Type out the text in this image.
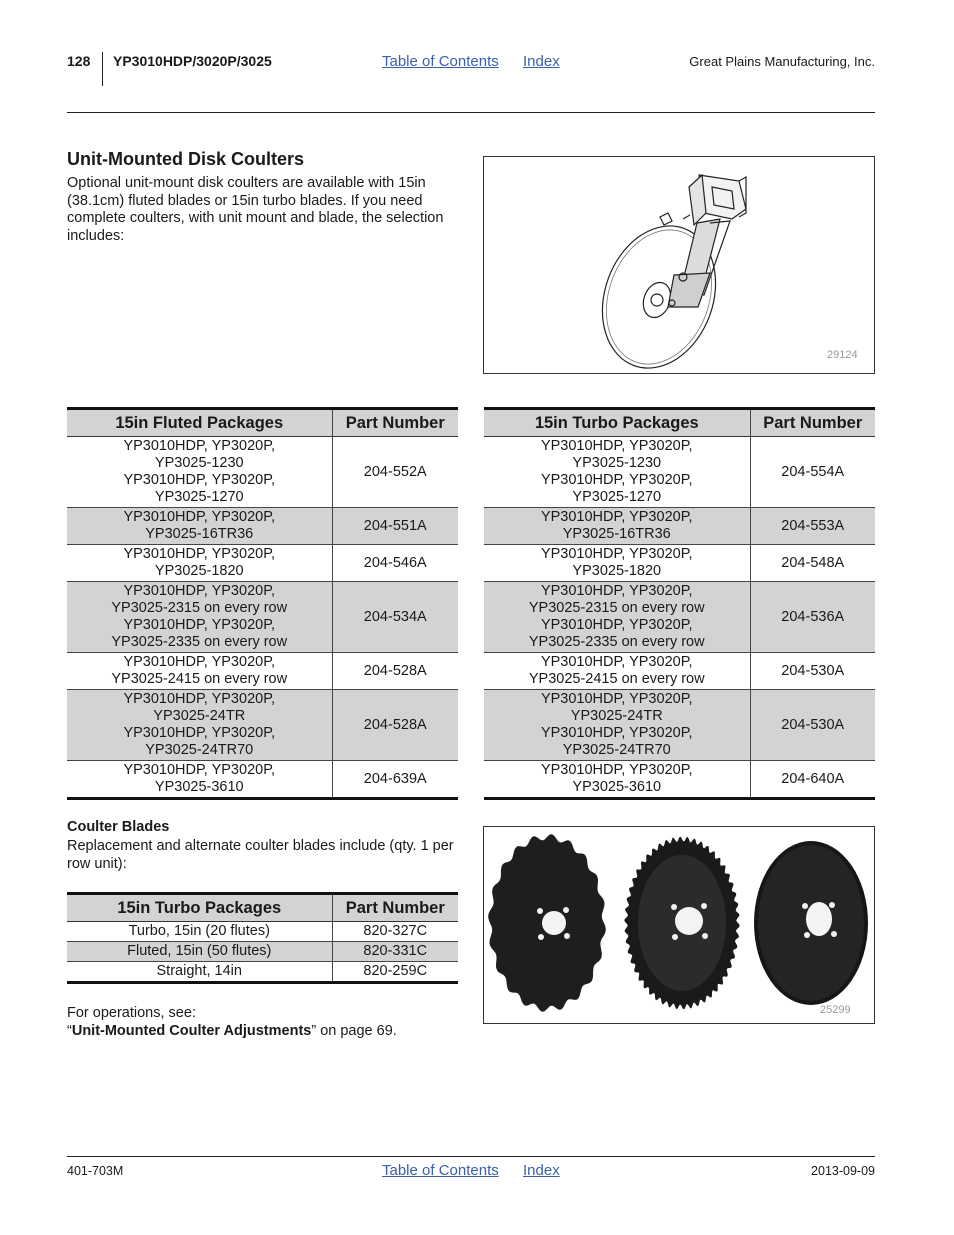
128 YP3010HDP/3020P/3025	Table of Contents Index	Great Plains Manufacturing, Inc.
Unit-Mounted Disk Coulters
Optional unit-mount disk coulters are available with 15in (38.1cm) fluted blades or 15in turbo blades. If you need complete coulters, with unit mount and blade, the selection includes:
29124
15in Fluted Packages	Part Number
YP3010HDP, YP3020P,
YP3025-1230
YP3010HDP, YP3020P,
YP3025-1270	204-552A
YP3010HDP, YP3020P,
YP3025-16TR36	204-551A
YP3010HDP, YP3020P,
YP3025-1820	204-546A
YP3010HDP, YP3020P,
YP3025-2315 on every row
YP3010HDP, YP3020P,
YP3025-2335 on every row	204-534A
YP3010HDP, YP3020P,
YP3025-2415 on every row	204-528A
YP3010HDP, YP3020P,
YP3025-24TR
YP3010HDP, YP3020P,
YP3025-24TR70	204-528A
YP3010HDP, YP3020P,
YP3025-3610	204-639A
15in Turbo Packages	Part Number
YP3010HDP, YP3020P,
YP3025-1230
YP3010HDP, YP3020P,
YP3025-1270	204-554A
YP3010HDP, YP3020P,
YP3025-16TR36	204-553A
YP3010HDP, YP3020P,
YP3025-1820	204-548A
YP3010HDP, YP3020P,
YP3025-2315 on every row
YP3010HDP, YP3020P,
YP3025-2335 on every row	204-536A
YP3010HDP, YP3020P,
YP3025-2415 on every row	204-530A
YP3010HDP, YP3020P,
YP3025-24TR
YP3010HDP, YP3020P,
YP3025-24TR70	204-530A
YP3010HDP, YP3020P,
YP3025-3610	204-640A
Coulter Blades
Replacement and alternate coulter blades include (qty. 1 per row unit):
15in Turbo Packages	Part Number
Turbo, 15in (20 flutes)	820-327C
Fluted, 15in (50 flutes)	820-331C
Straight, 14in	820-259C
25299
For operations, see:
“Unit-Mounted Coulter Adjustments” on page 69.
401-703M	Table of Contents Index	2013-09-09
